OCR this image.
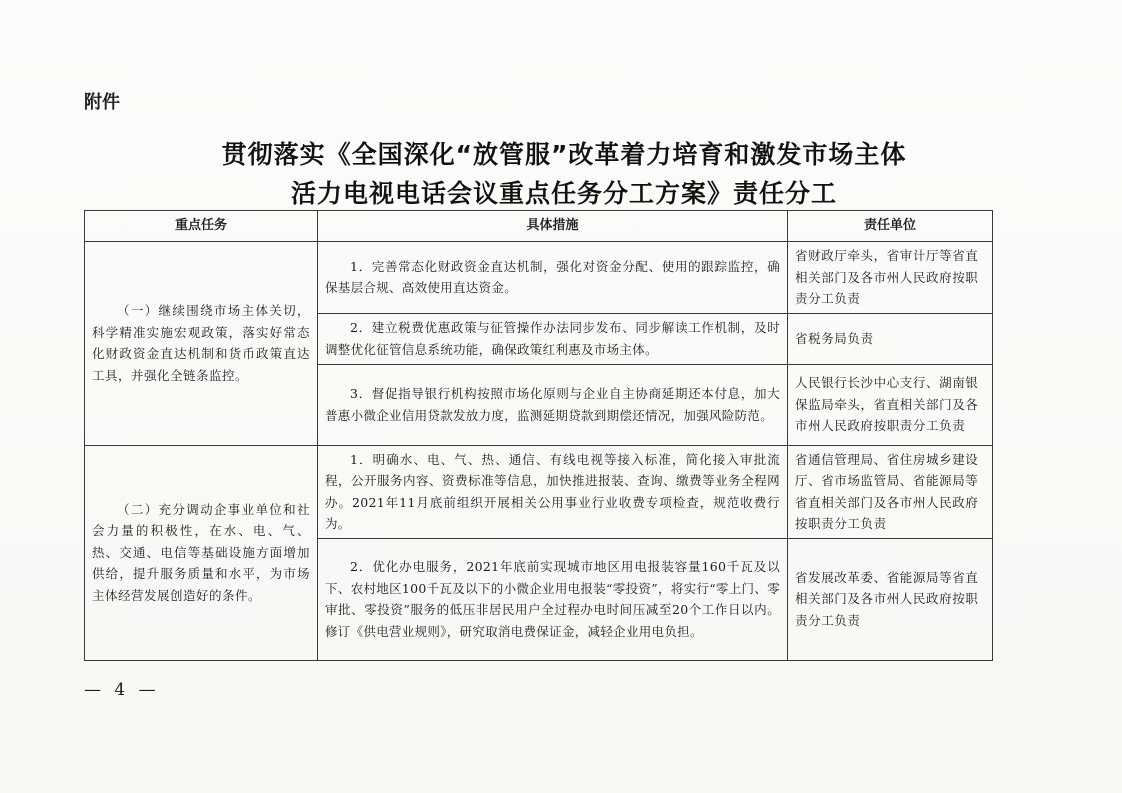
附件
贯彻落实《全国深化“放管服”改革着力培育和激发市场主体
活力电视电话会议重点任务分工方案》责任分工
重点任务	具体措施	责任单位

（一）继续围绕市场主体关切，科学精准实施宏观政策，落实好常态化财政资金直达机制和货币政策直达工具，并强化全链条监控。	1．完善常态化财政资金直达机制，强化对资金分配、使用的跟踪监控，确保基层合规、高效使用直达资金。	省财政厅牵头，省审计厅等省直相关部门及各市州人民政府按职责分工负责

	2．建立税费优惠政策与征管操作办法同步发布、同步解读工作机制，及时调整优化征管信息系统功能，确保政策红利惠及市场主体。	省税务局负责

	3．督促指导银行机构按照市场化原则与企业自主协商延期还本付息，加大普惠小微企业信用贷款发放力度，监测延期贷款到期偿还情况，加强风险防范。	人民银行长沙中心支行、湖南银保监局牵头，省直相关部门及各市州人民政府按职责分工负责

（二）充分调动企事业单位和社会力量的积极性，在水、电、气、热、交通、电信等基础设施方面增加供给，提升服务质量和水平，为市场主体经营发展创造好的条件。	1．明确水、电、气、热、通信、有线电视等接入标准，简化接入审批流程，公开服务内容、资费标准等信息，加快推进报装、查询、缴费等业务全程网办。2021年11月底前组织开展相关公用事业行业收费专项检查，规范收费行为。	省通信管理局、省住房城乡建设厅、省市场监管局、省能源局等省直相关部门及各市州人民政府按职责分工负责

	2．优化办电服务，2021年底前实现城市地区用电报装容量160千瓦及以下、农村地区100千瓦及以下的小微企业用电报装“零投资”，将实行“零上门、零审批、零投资”服务的低压非居民用户全过程办电时间压减至20个工作日以内。修订《供电营业规则》，研究取消电费保证金，减轻企业用电负担。	省发展改革委、省能源局等省直相关部门及各市州人民政府按职责分工负责
— 4 —
